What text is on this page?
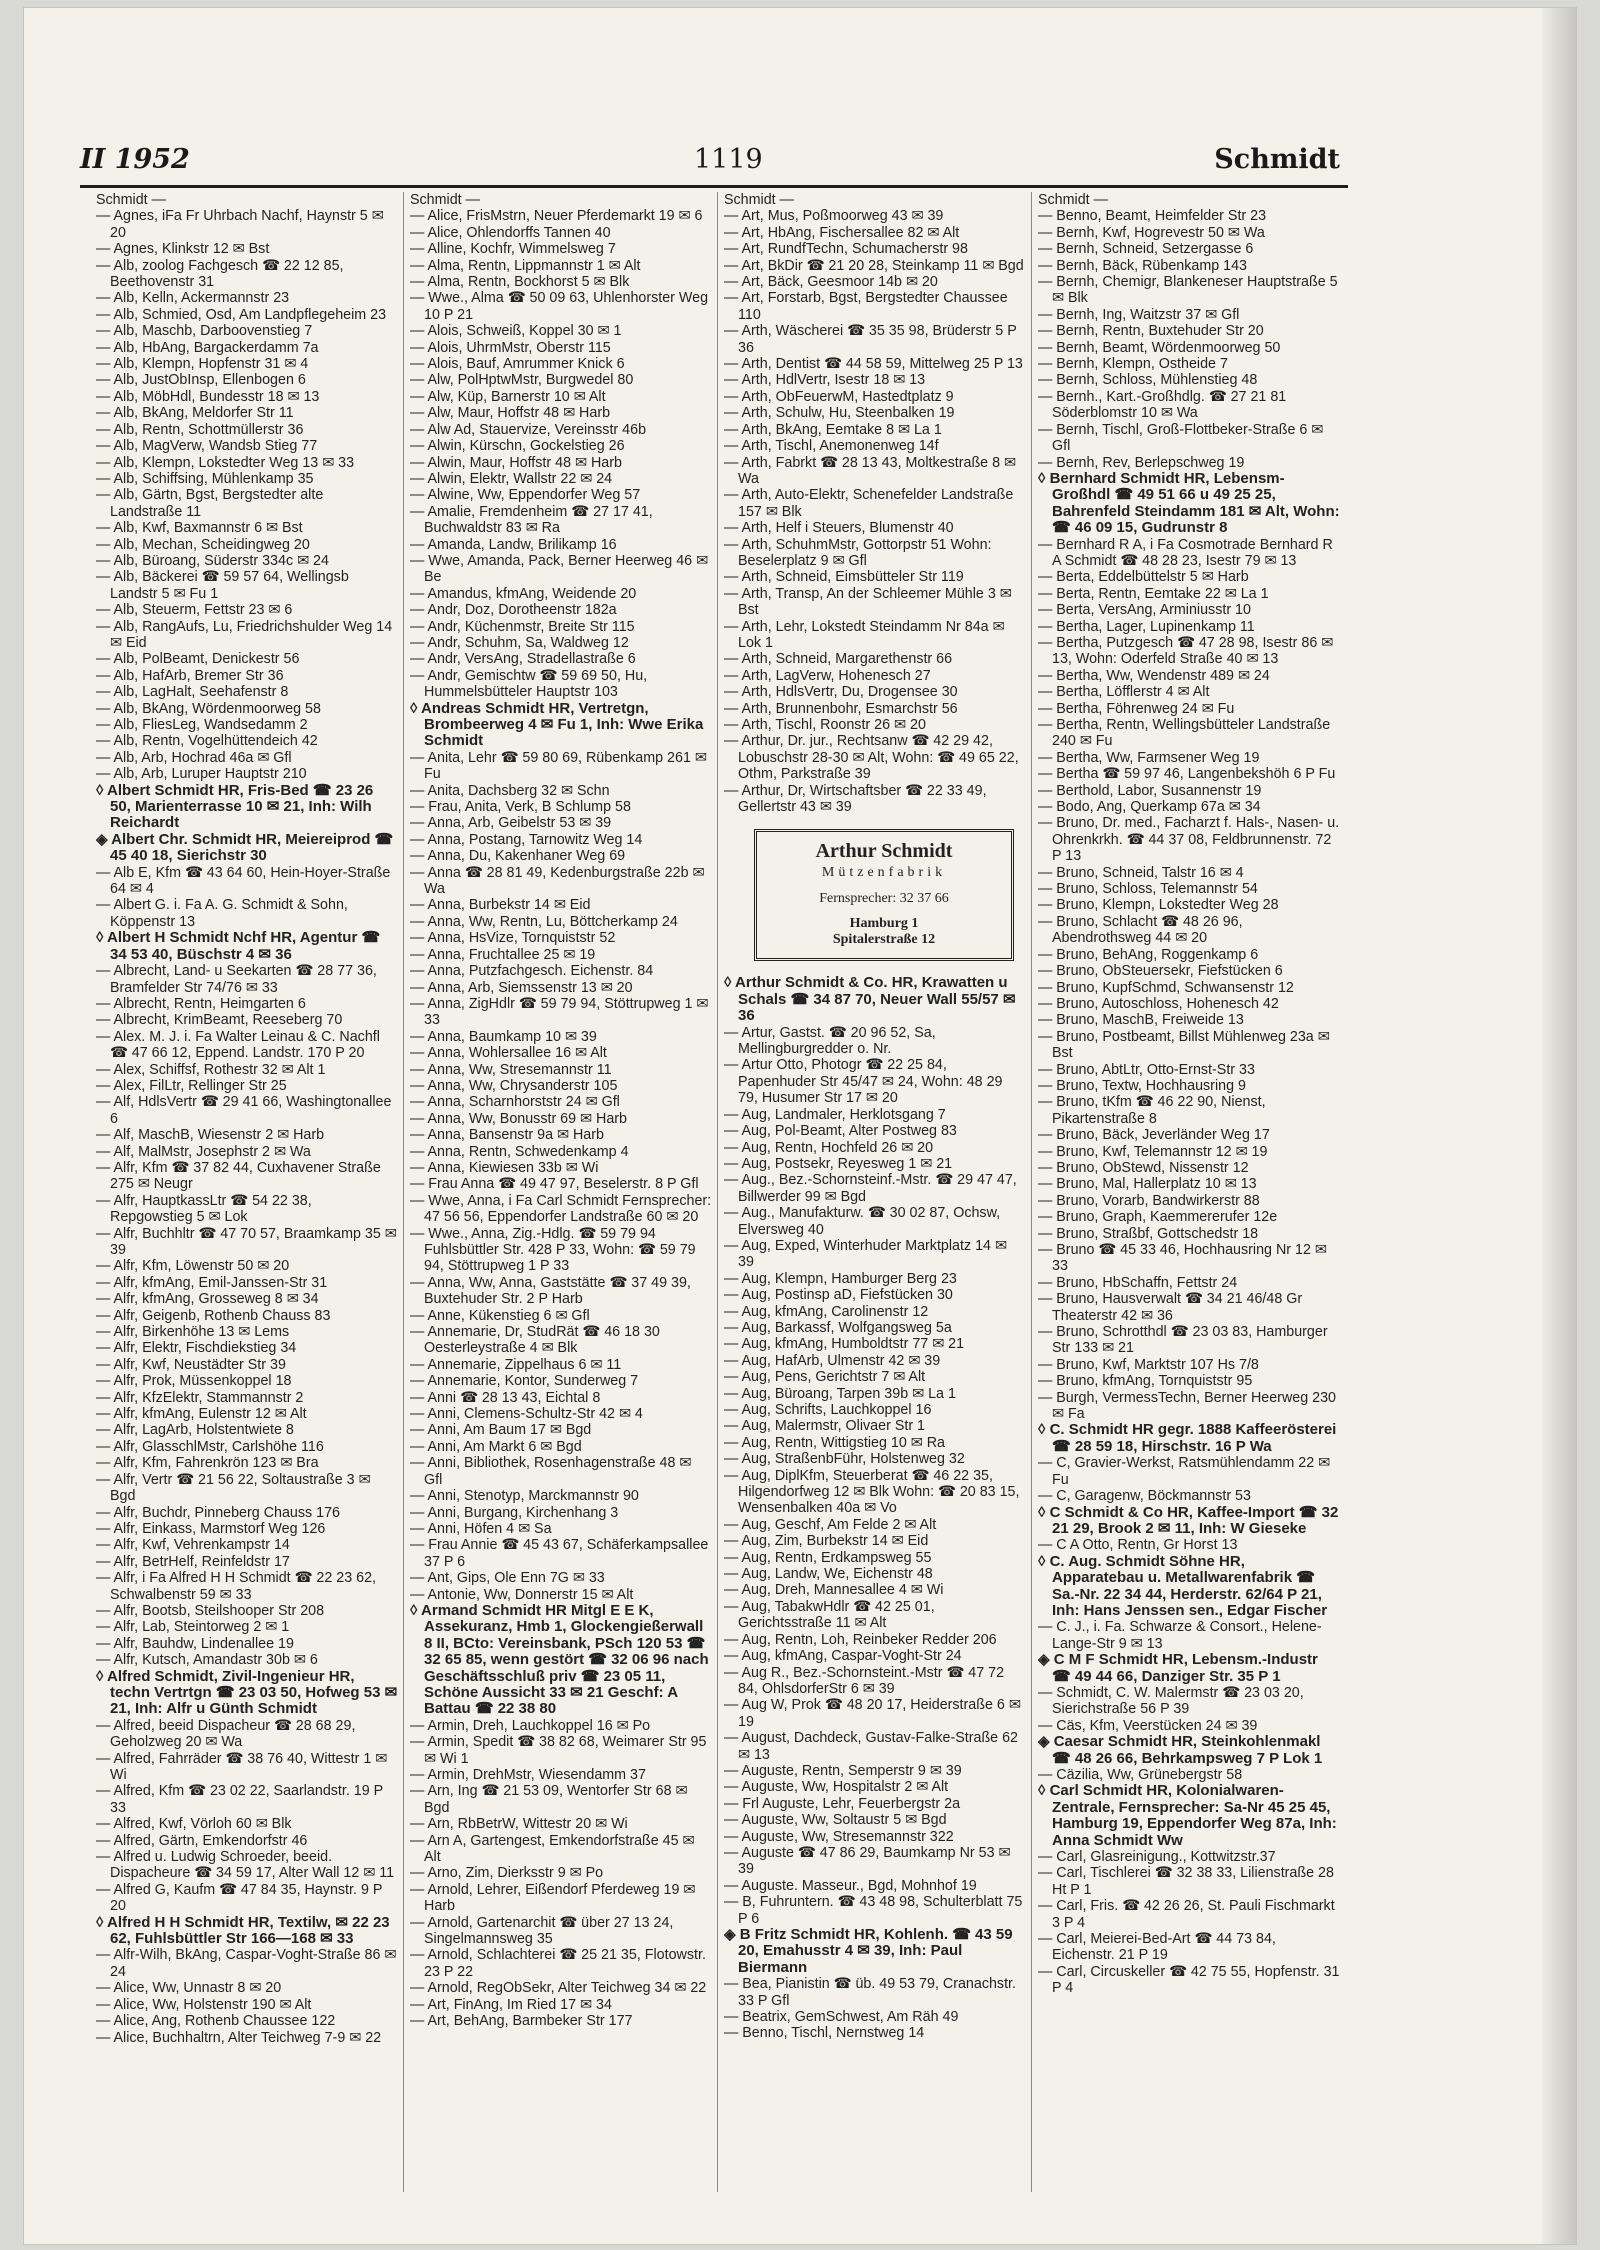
II 1952	1119	Schmidt

Schmidt —

— Agnes, iFa Fr Uhrbach Nachf, Haynstr 5 ✉ 20

— Agnes, Klinkstr 12 ✉ Bst

— Alb, zoolog Fachgesch ☎ 22 12 85, Beethovenstr 31

— Alb, Kelln, Ackermannstr 23

— Alb, Schmied, Osd, Am Landpflegeheim 23

— Alb, Maschb, Darboovenstieg 7

— Alb, HbAng, Bargackerdamm 7a

— Alb, Klempn, Hopfenstr 31 ✉ 4

— Alb, JustObInsp, Ellenbogen 6

— Alb, MöbHdl, Bundesstr 18 ✉ 13

— Alb, BkAng, Meldorfer Str 11

— Alb, Rentn, Schottmüllerstr 36

— Alb, MagVerw, Wandsb Stieg 77

— Alb, Klempn, Lokstedter Weg 13 ✉ 33

— Alb, Schiffsing, Mühlenkamp 35

— Alb, Gärtn, Bgst, Bergstedter alte Landstraße 11

— Alb, Kwf, Baxmannstr 6 ✉ Bst

— Alb, Mechan, Scheidingweg 20

— Alb, Büroang, Süderstr 334c ✉ 24

— Alb, Bäckerei ☎ 59 57 64, Wellingsb Landstr 5 ✉ Fu 1

— Alb, Steuerm, Fettstr 23 ✉ 6

— Alb, RangAufs, Lu, Friedrichshulder Weg 14 ✉ Eid

— Alb, PolBeamt, Denickestr 56

— Alb, HafArb, Bremer Str 36

— Alb, LagHalt, Seehafenstr 8

— Alb, BkAng, Wördenmoorweg 58

— Alb, FliesLeg, Wandsedamm 2

— Alb, Rentn, Vogelhüttendeich 42

— Alb, Arb, Hochrad 46a ✉ Gfl

— Alb, Arb, Luruper Hauptstr 210

◊ Albert Schmidt HR, Fris-Bed ☎ 23 26 50, Marienterrasse 10 ✉ 21, Inh: Wilh Reichardt

◈ Albert Chr. Schmidt HR, Meiereiprod ☎ 45 40 18, Sierichstr 30

— Alb E, Kfm ☎ 43 64 60, Hein-Hoyer-Straße 64 ✉ 4

— Albert G. i. Fa A. G. Schmidt & Sohn, Köppenstr 13

◊ Albert H Schmidt Nchf HR, Agentur ☎ 34 53 40, Büschstr 4 ✉ 36

— Albrecht, Land- u Seekarten ☎ 28 77 36, Bramfelder Str 74/76 ✉ 33

— Albrecht, Rentn, Heimgarten 6

— Albrecht, KrimBeamt, Reeseberg 70

— Alex. M. J. i. Fa Walter Leinau & C. Nachfl ☎ 47 66 12, Eppend. Landstr. 170 P 20

— Alex, Schiffsf, Rothestr 32 ✉ Alt 1

— Alex, FilLtr, Rellinger Str 25

— Alf, HdlsVertr ☎ 29 41 66, Washingtonallee 6

— Alf, MaschB, Wiesenstr 2 ✉ Harb

— Alf, MalMstr, Josephstr 2 ✉ Wa

— Alfr, Kfm ☎ 37 82 44, Cuxhavener Straße 275 ✉ Neugr

— Alfr, HauptkassLtr ☎ 54 22 38, Repgowstieg 5 ✉ Lok

— Alfr, Buchhltr ☎ 47 70 57, Braamkamp 35 ✉ 39

— Alfr, Kfm, Löwenstr 50 ✉ 20

— Alfr, kfmAng, Emil-Janssen-Str 31

— Alfr, kfmAng, Grosseweg 8 ✉ 34

— Alfr, Geigenb, Rothenb Chauss 83

— Alfr, Birkenhöhe 13 ✉ Lems

— Alfr, Elektr, Fischdiekstieg 34

— Alfr, Kwf, Neustädter Str 39

— Alfr, Prok, Müssenkoppel 18

— Alfr, KfzElektr, Stammannstr 2

— Alfr, kfmAng, Eulenstr 12 ✉ Alt

— Alfr, LagArb, Holstentwiete 8

— Alfr, GlasschlMstr, Carlshöhe 116

— Alfr, Kfm, Fahrenkrön 123 ✉ Bra

— Alfr, Vertr ☎ 21 56 22, Soltaustraße 3 ✉ Bgd

— Alfr, Buchdr, Pinneberg Chauss 176

— Alfr, Einkass, Marmstorf Weg 126

— Alfr, Kwf, Vehrenkampstr 14

— Alfr, BetrHelf, Reinfeldstr 17

— Alfr, i Fa Alfred H H Schmidt ☎ 22 23 62, Schwalbenstr 59 ✉ 33

— Alfr, Bootsb, Steilshooper Str 208

— Alfr, Lab, Steintorweg 2 ✉ 1

— Alfr, Bauhdw, Lindenallee 19

— Alfr, Kutsch, Amandastr 30b ✉ 6

◊ Alfred Schmidt, Zivil-Ingenieur HR, techn Vertrtgn ☎ 23 03 50, Hofweg 53 ✉ 21, Inh: Alfr u Günth Schmidt

— Alfred, beeid Dispacheur ☎ 28 68 29, Geholzweg 20 ✉ Wa

— Alfred, Fahrräder ☎ 38 76 40, Wittestr 1 ✉ Wi

— Alfred, Kfm ☎ 23 02 22, Saarlandstr. 19 P 33

— Alfred, Kwf, Vörloh 60 ✉ Blk

— Alfred, Gärtn, Emkendorfstr 46

— Alfred u. Ludwig Schroeder, beeid. Dispacheure ☎ 34 59 17, Alter Wall 12 ✉ 11

— Alfred G, Kaufm ☎ 47 84 35, Haynstr. 9 P 20

◊ Alfred H H Schmidt HR, Textilw, ✉ 22 23 62, Fuhlsbüttler Str 166—168 ✉ 33

— Alfr-Wilh, BkAng, Caspar-Voght-Straße 86 ✉ 24

— Alice, Ww, Unnastr 8 ✉ 20

— Alice, Ww, Holstenstr 190 ✉ Alt

— Alice, Ang, Rothenb Chaussee 122

— Alice, Buchhaltrn, Alter Teichweg 7-9 ✉ 22

Schmidt —

— Alice, FrisMstrn, Neuer Pferdemarkt 19 ✉ 6

— Alice, Ohlendorffs Tannen 40

— Alline, Kochfr, Wimmelsweg 7

— Alma, Rentn, Lippmannstr 1 ✉ Alt

— Alma, Rentn, Bockhorst 5 ✉ Blk

— Wwe., Alma ☎ 50 09 63, Uhlenhorster Weg 10 P 21

— Alois, Schweiß, Koppel 30 ✉ 1

— Alois, UhrmMstr, Oberstr 115

— Alois, Bauf, Amrummer Knick 6

— Alw, PolHptwMstr, Burgwedel 80

— Alw, Küp, Barnerstr 10 ✉ Alt

— Alw, Maur, Hoffstr 48 ✉ Harb

— Alw Ad, Stauervize, Vereinsstr 46b

— Alwin, Kürschn, Gockelstieg 26

— Alwin, Maur, Hoffstr 48 ✉ Harb

— Alwin, Elektr, Wallstr 22 ✉ 24

— Alwine, Ww, Eppendorfer Weg 57

— Amalie, Fremdenheim ☎ 27 17 41, Buchwaldstr 83 ✉ Ra

— Amanda, Landw, Brilikamp 16

— Wwe, Amanda, Pack, Berner Heerweg 46 ✉ Be

— Amandus, kfmAng, Weidende 20

— Andr, Doz, Dorotheenstr 182a

— Andr, Küchenmstr, Breite Str 115

— Andr, Schuhm, Sa, Waldweg 12

— Andr, VersAng, Stradellastraße 6

— Andr, Gemischtw ☎ 59 69 50, Hu, Hummelsbütteler Hauptstr 103

◊ Andreas Schmidt HR, Vertretgn, Brombeerweg 4 ✉ Fu 1, Inh: Wwe Erika Schmidt

— Anita, Lehr ☎ 59 80 69, Rübenkamp 261 ✉ Fu

— Anita, Dachsberg 32 ✉ Schn

— Frau, Anita, Verk, B Schlump 58

— Anna, Arb, Geibelstr 53 ✉ 39

— Anna, Postang, Tarnowitz Weg 14

— Anna, Du, Kakenhaner Weg 69

— Anna ☎ 28 81 49, Kedenburgstraße 22b ✉ Wa

— Anna, Burbekstr 14 ✉ Eid

— Anna, Ww, Rentn, Lu, Böttcherkamp 24

— Anna, HsVize, Tornquiststr 52

— Anna, Fruchtallee 25 ✉ 19

— Anna, Putzfachgesch. Eichenstr. 84

— Anna, Arb, Siemssenstr 13 ✉ 20

— Anna, ZigHdlr ☎ 59 79 94, Stöttrupweg 1 ✉ 33

— Anna, Baumkamp 10 ✉ 39

— Anna, Wohlersallee 16 ✉ Alt

— Anna, Ww, Stresemannstr 11

— Anna, Ww, Chrysanderstr 105

— Anna, Scharnhorststr 24 ✉ Gfl

— Anna, Ww, Bonusstr 69 ✉ Harb

— Anna, Bansenstr 9a ✉ Harb

— Anna, Rentn, Schwedenkamp 4

— Anna, Kiewiesen 33b ✉ Wi

— Frau Anna ☎ 49 47 97, Beselerstr. 8 P Gfl

— Wwe, Anna, i Fa Carl Schmidt Fernsprecher: 47 56 56, Eppendorfer Landstraße 60 ✉ 20

— Wwe., Anna, Zig.-Hdlg. ☎ 59 79 94 Fuhlsbüttler Str. 428 P 33, Wohn: ☎ 59 79 94, Stöttrupweg 1 P 33

— Anna, Ww, Anna, Gaststätte ☎ 37 49 39, Buxtehuder Str. 2 P Harb

— Anne, Kükenstieg 6 ✉ Gfl

— Annemarie, Dr, StudRät ☎ 46 18 30 Oesterleystraße 4 ✉ Blk

— Annemarie, Zippelhaus 6 ✉ 11

— Annemarie, Kontor, Sunderweg 7

— Anni ☎ 28 13 43, Eichtal 8

— Anni, Clemens-Schultz-Str 42 ✉ 4

— Anni, Am Baum 17 ✉ Bgd

— Anni, Am Markt 6 ✉ Bgd

— Anni, Bibliothek, Rosenhagenstraße 48 ✉ Gfl

— Anni, Stenotyp, Marckmannstr 90

— Anni, Burgang, Kirchenhang 3

— Anni, Höfen 4 ✉ Sa

— Frau Annie ☎ 45 43 67, Schäferkampsallee 37 P 6

— Ant, Gips, Ole Enn 7G ✉ 33

— Antonie, Ww, Donnerstr 15 ✉ Alt

◊ Armand Schmidt HR Mitgl E E K, Assekuranz, Hmb 1, Glockengießerwall 8 II, BCto: Vereinsbank, PSch 120 53 ☎ 32 65 85, wenn gestört ☎ 32 06 96 nach Geschäftsschluß priv ☎ 23 05 11, Schöne Aussicht 33 ✉ 21 Geschf: A Battau ☎ 22 38 80

— Armin, Dreh, Lauchkoppel 16 ✉ Po

— Armin, Spedit ☎ 38 82 68, Weimarer Str 95 ✉ Wi 1

— Armin, DrehMstr, Wiesendamm 37

— Arn, Ing ☎ 21 53 09, Wentorfer Str 68 ✉ Bgd

— Arn, RbBetrW, Wittestr 20 ✉ Wi

— Arn A, Gartengest, Emkendorfstraße 45 ✉ Alt

— Arno, Zim, Dierksstr 9 ✉ Po

— Arnold, Lehrer, Eißendorf Pferdeweg 19 ✉ Harb

— Arnold, Gartenarchit ☎ über 27 13 24, Singelmannsweg 35

— Arnold, Schlachterei ☎ 25 21 35, Flotowstr. 23 P 22

— Arnold, RegObSekr, Alter Teichweg 34 ✉ 22

— Art, FinAng, Im Ried 17 ✉ 34

— Art, BehAng, Barmbeker Str 177

Schmidt —

— Art, Mus, Poßmoorweg 43 ✉ 39

— Art, HbAng, Fischersallee 82 ✉ Alt

— Art, RundfTechn, Schumacherstr 98

— Art, BkDir ☎ 21 20 28, Steinkamp 11 ✉ Bgd

— Art, Bäck, Geesmoor 14b ✉ 20

— Art, Forstarb, Bgst, Bergstedter Chaussee 110

— Arth, Wäscherei ☎ 35 35 98, Brüderstr 5 P 36

— Arth, Dentist ☎ 44 58 59, Mittelweg 25 P 13

— Arth, HdlVertr, Isestr 18 ✉ 13

— Arth, ObFeuerwM, Hastedtplatz 9

— Arth, Schulw, Hu, Steenbalken 19

— Arth, BkAng, Eemtake 8 ✉ La 1

— Arth, Tischl, Anemonenweg 14f

— Arth, Fabrkt ☎ 28 13 43, Moltkestraße 8 ✉ Wa

— Arth, Auto-Elektr, Schenefelder Landstraße 157 ✉ Blk

— Arth, Helf i Steuers, Blumenstr 40

— Arth, SchuhmMstr, Gottorpstr 51 Wohn: Beselerplatz 9 ✉ Gfl

— Arth, Schneid, Eimsbütteler Str 119

— Arth, Transp, An der Schleemer Mühle 3 ✉ Bst

— Arth, Lehr, Lokstedt Steindamm Nr 84a ✉ Lok 1

— Arth, Schneid, Margarethenstr 66

— Arth, LagVerw, Hohenesch 27

— Arth, HdlsVertr, Du, Drogensee 30

— Arth, Brunnenbohr, Esmarchstr 56

— Arth, Tischl, Roonstr 26 ✉ 20

— Arthur, Dr. jur., Rechtsanw ☎ 42 29 42, Lobuschstr 28-30 ✉ Alt, Wohn: ☎ 49 65 22, Othm, Parkstraße 39

— Arthur, Dr, Wirtschaftsber ☎ 22 33 49, Gellertstr 43 ✉ 39

Arthur Schmidt
Mützenfabrik
Fernsprecher: 32 37 66
Hamburg 1
Spitalerstraße 12

◊ Arthur Schmidt & Co. HR, Krawatten u Schals ☎ 34 87 70, Neuer Wall 55/57 ✉ 36

— Artur, Gastst. ☎ 20 96 52, Sa, Mellingburgredder o. Nr.

— Artur Otto, Photogr ☎ 22 25 84, Papenhuder Str 45/47 ✉ 24, Wohn: 48 29 79, Husumer Str 17 ✉ 20

— Aug, Landmaler, Herklotsgang 7

— Aug, Pol-Beamt, Alter Postweg 83

— Aug, Rentn, Hochfeld 26 ✉ 20

— Aug, Postsekr, Reyesweg 1 ✉ 21

— Aug., Bez.-Schornsteinf.-Mstr. ☎ 29 47 47, Billwerder 99 ✉ Bgd

— Aug., Manufakturw. ☎ 30 02 87, Ochsw, Elversweg 40

— Aug, Exped, Winterhuder Marktplatz 14 ✉ 39

— Aug, Klempn, Hamburger Berg 23

— Aug, Postinsp aD, Fiefstücken 30

— Aug, kfmAng, Carolinenstr 12

— Aug, Barkassf, Wolfgangsweg 5a

— Aug, kfmAng, Humboldtstr 77 ✉ 21

— Aug, HafArb, Ulmenstr 42 ✉ 39

— Aug, Pens, Gerichtstr 7 ✉ Alt

— Aug, Büroang, Tarpen 39b ✉ La 1

— Aug, Schrifts, Lauchkoppel 16

— Aug, Malermstr, Olivaer Str 1

— Aug, Rentn, Wittigstieg 10 ✉ Ra

— Aug, StraßenbFühr, Holstenweg 32

— Aug, DiplKfm, Steuerberat ☎ 46 22 35, Hilgendorfweg 12 ✉ Blk Wohn: ☎ 20 83 15, Wensenbalken 40a ✉ Vo

— Aug, Geschf, Am Felde 2 ✉ Alt

— Aug, Zim, Burbekstr 14 ✉ Eid

— Aug, Rentn, Erdkampsweg 55

— Aug, Landw, We, Eichenstr 48

— Aug, Dreh, Mannesallee 4 ✉ Wi

— Aug, TabakwHdlr ☎ 42 25 01, Gerichtsstraße 11 ✉ Alt

— Aug, Rentn, Loh, Reinbeker Redder 206

— Aug, kfmAng, Caspar-Voght-Str 24

— Aug R., Bez.-Schornsteint.-Mstr ☎ 47 72 84, OhlsdorferStr 6 ✉ 39

— Aug W, Prok ☎ 48 20 17, Heiderstraße 6 ✉ 19

— August, Dachdeck, Gustav-Falke-Straße 62 ✉ 13

— Auguste, Rentn, Semperstr 9 ✉ 39

— Auguste, Ww, Hospitalstr 2 ✉ Alt

— Frl Auguste, Lehr, Feuerbergstr 2a

— Auguste, Ww, Soltaustr 5 ✉ Bgd

— Auguste, Ww, Stresemannstr 322

— Auguste ☎ 47 86 29, Baumkamp Nr 53 ✉ 39

— Auguste. Masseur., Bgd, Mohnhof 19

— B, Fuhruntern. ☎ 43 48 98, Schulterblatt 75 P 6

◈ B Fritz Schmidt HR, Kohlenh. ☎ 43 59 20, Emahusstr 4 ✉ 39, Inh: Paul Biermann

— Bea, Pianistin ☎ üb. 49 53 79, Cranachstr. 33 P Gfl

— Beatrix, GemSchwest, Am Räh 49

— Benno, Tischl, Nernstweg 14

Schmidt —

— Benno, Beamt, Heimfelder Str 23

— Bernh, Kwf, Hogrevestr 50 ✉ Wa

— Bernh, Schneid, Setzergasse 6

— Bernh, Bäck, Rübenkamp 143

— Bernh, Chemigr, Blankeneser Hauptstraße 5 ✉ Blk

— Bernh, Ing, Waitzstr 37 ✉ Gfl

— Bernh, Rentn, Buxtehuder Str 20

— Bernh, Beamt, Wördenmoorweg 50

— Bernh, Klempn, Ostheide 7

— Bernh, Schloss, Mühlenstieg 48

— Bernh., Kart.-Großhdlg. ☎ 27 21 81 Söderblomstr 10 ✉ Wa

— Bernh, Tischl, Groß-Flottbeker-Straße 6 ✉ Gfl

— Bernh, Rev, Berlepschweg 19

◊ Bernhard Schmidt HR, Lebensm-Großhdl ☎ 49 51 66 u 49 25 25, Bahrenfeld Steindamm 181 ✉ Alt, Wohn: ☎ 46 09 15, Gudrunstr 8

— Bernhard R A, i Fa Cosmotrade Bernhard R A Schmidt ☎ 48 28 23, Isestr 79 ✉ 13

— Berta, Eddelbüttelstr 5 ✉ Harb

— Berta, Rentn, Eemtake 22 ✉ La 1

— Berta, VersAng, Arminiusstr 10

— Bertha, Lager, Lupinenkamp 11

— Bertha, Putzgesch ☎ 47 28 98, Isestr 86 ✉ 13, Wohn: Oderfeld Straße 40 ✉ 13

— Bertha, Ww, Wendenstr 489 ✉ 24

— Bertha, Löfflerstr 4 ✉ Alt

— Bertha, Föhrenweg 24 ✉ Fu

— Bertha, Rentn, Wellingsbütteler Landstraße 240 ✉ Fu

— Bertha, Ww, Farmsener Weg 19

— Bertha ☎ 59 97 46, Langenbekshöh 6 P Fu

— Berthold, Labor, Susannenstr 19

— Bodo, Ang, Querkamp 67a ✉ 34

— Bruno, Dr. med., Facharzt f. Hals-, Nasen- u. Ohrenkrkh. ☎ 44 37 08, Feldbrunnenstr. 72 P 13

— Bruno, Schneid, Talstr 16 ✉ 4

— Bruno, Schloss, Telemannstr 54

— Bruno, Klempn, Lokstedter Weg 28

— Bruno, Schlacht ☎ 48 26 96, Abendrothsweg 44 ✉ 20

— Bruno, BehAng, Roggenkamp 6

— Bruno, ObSteuersekr, Fiefstücken 6

— Bruno, KupfSchmd, Schwansenstr 12

— Bruno, Autoschloss, Hohenesch 42

— Bruno, MaschB, Freiweide 13

— Bruno, Postbeamt, Billst Mühlenweg 23a ✉ Bst

— Bruno, AbtLtr, Otto-Ernst-Str 33

— Bruno, Textw, Hochhausring 9

— Bruno, tKfm ☎ 46 22 90, Nienst, Pikartenstraße 8

— Bruno, Bäck, Jeverländer Weg 17

— Bruno, Kwf, Telemannstr 12 ✉ 19

— Bruno, ObStewd, Nissenstr 12

— Bruno, Mal, Hallerplatz 10 ✉ 13

— Bruno, Vorarb, Bandwirkerstr 88

— Bruno, Graph, Kaemmererufer 12e

— Bruno, Straßbf, Gottschedstr 18

— Bruno ☎ 45 33 46, Hochhausring Nr 12 ✉ 33

— Bruno, HbSchaffn, Fettstr 24

— Bruno, Hausverwalt ☎ 34 21 46/48 Gr Theaterstr 42 ✉ 36

— Bruno, Schrotthdl ☎ 23 03 83, Hamburger Str 133 ✉ 21

— Bruno, Kwf, Marktstr 107 Hs 7/8

— Bruno, kfmAng, Tornquiststr 95

— Burgh, VermessTechn, Berner Heerweg 230 ✉ Fa

◊ C. Schmidt HR gegr. 1888 Kaffeerösterei ☎ 28 59 18, Hirschstr. 16 P Wa

— C, Gravier-Werkst, Ratsmühlendamm 22 ✉ Fu

— C, Garagenw, Böckmannstr 53

◊ C Schmidt & Co HR, Kaffee-Import ☎ 32 21 29, Brook 2 ✉ 11, Inh: W Gieseke

— C A Otto, Rentn, Gr Horst 13

◊ C. Aug. Schmidt Söhne HR, Apparatebau u. Metallwarenfabrik ☎ Sa.-Nr. 22 34 44, Herderstr. 62/64 P 21, Inh: Hans Jenssen sen., Edgar Fischer

— C. J., i. Fa. Schwarze & Consort., Helene-Lange-Str 9 ✉ 13

◈ C M F Schmidt HR, Lebensm.-Industr ☎ 49 44 66, Danziger Str. 35 P 1

— Schmidt, C. W. Malermstr ☎ 23 03 20, Sierichstraße 56 P 39

— Cäs, Kfm, Veerstücken 24 ✉ 39

◈ Caesar Schmidt HR, Steinkohlenmakl ☎ 48 26 66, Behrkampsweg 7 P Lok 1

— Cäzilia, Ww, Grünebergstr 58

◊ Carl Schmidt HR, Kolonialwaren-Zentrale, Fernsprecher: Sa-Nr 45 25 45, Hamburg 19, Eppendorfer Weg 87a, Inh: Anna Schmidt Ww

— Carl, Glasreinigung., Kottwitzstr.37

— Carl, Tischlerei ☎ 32 38 33, Lilienstraße 28 Ht P 1

— Carl, Fris. ☎ 42 26 26, St. Pauli Fischmarkt 3 P 4

— Carl, Meierei-Bed-Art ☎ 44 73 84, Eichenstr. 21 P 19

— Carl, Circuskeller ☎ 42 75 55, Hopfenstr. 31 P 4
